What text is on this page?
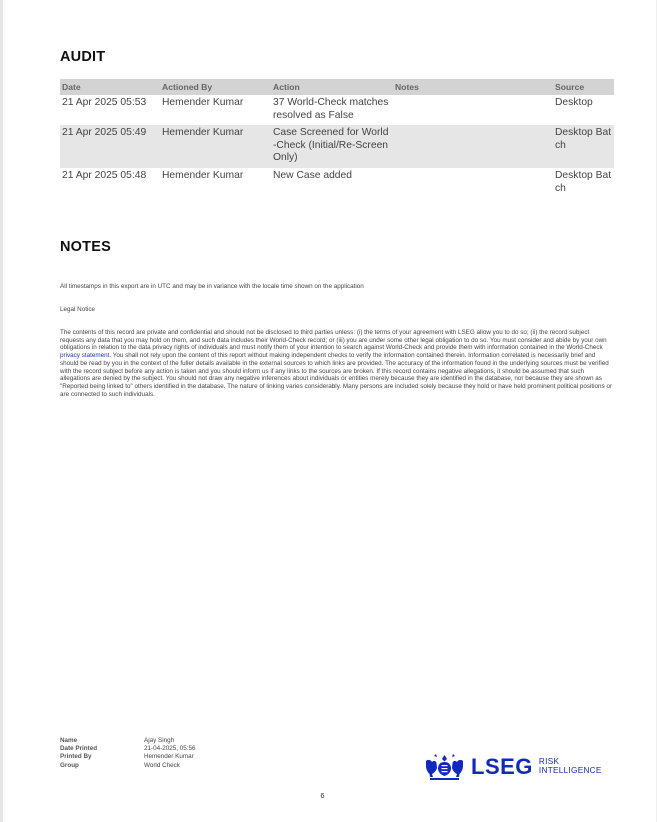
AUDIT
Date	Actioned By	Action	Notes	Source
21 Apr 2025 05:53	Hemender Kumar	37 World-Check matches resolved as False		Desktop
21 Apr 2025 05:49	Hemender Kumar	Case Screened for World-Check (Initial/Re-Screen Only)		Desktop Batch
21 Apr 2025 05:48	Hemender Kumar	New Case added		Desktop Batch
NOTES
All timestamps in this export are in UTC and may be in variance with the locale time shown on the application
Legal Notice
The contents of this record are private and confidential and should not be disclosed to third parties unless: (i) the terms of your agreement with LSEG allow you to do so; (ii) the record subject requests any data that you may hold on them, and such data includes their World-Check record; or (iii) you are under some other legal obligation to do so. You must consider and abide by your own obligations in relation to the data privacy rights of individuals and must notify them of your intention to search against World-Check and provide them with information contained in the World-Check privacy statement. You shall not rely upon the content of this report without making independent checks to verify the information contained therein. Information correlated is necessarily brief and should be read by you in the context of the fuller details available in the external sources to which links are provided. The accuracy of the information found in the underlying sources must be verified with the record subject before any action is taken and you should inform us if any links to the sources are broken. If this record contains negative allegations, it should be assumed that such allegations are denied by the subject. You should not draw any negative inferences about individuals or entities merely because they are identified in the database, nor because they are shown as "Reported being linked to" others identified in the database. The nature of linking varies considerably. Many persons are included solely because they hold or have held prominent political positions or are connected to such individuals.
Name	Ajay Singh
Date Printed	21-04-2025, 05:56
Printed By	Hemender Kumar
Group	World Check	LSEG RISK
INTELLIGENCE
6
